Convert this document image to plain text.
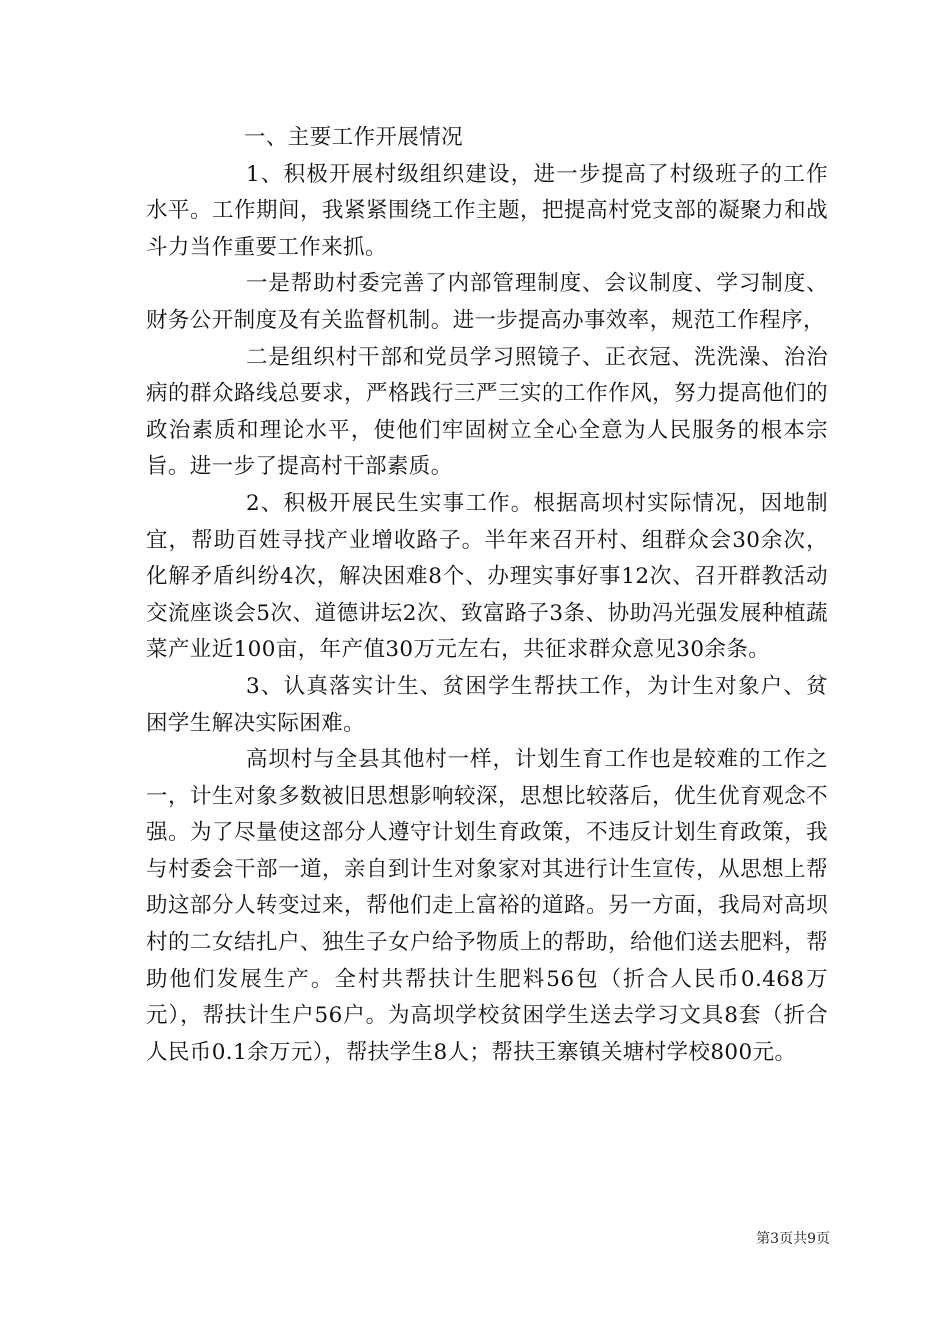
一、主要工作开展情况

1、积极开展村级组织建设，进一步提高了村级班子的工作水平。工作期间，我紧紧围绕工作主题，把提高村党支部的凝聚力和战斗力当作重要工作来抓。

一是帮助村委完善了内部管理制度、会议制度、学习制度、财务公开制度及有关监督机制。进一步提高办事效率，规范工作程序，

二是组织村干部和党员学习照镜子、正衣冠、洗洗澡、治治病的群众路线总要求，严格践行三严三实的工作作风，努力提高他们的政治素质和理论水平，使他们牢固树立全心全意为人民服务的根本宗旨。进一步了提高村干部素质。

2、积极开展民生实事工作。根据高坝村实际情况，因地制宜，帮助百姓寻找产业增收路子。半年来召开村、组群众会30余次，化解矛盾纠纷4次，解决困难8个、办理实事好事12次、召开群教活动交流座谈会5次、道德讲坛2次、致富路子3条、协助冯光强发展种植蔬菜产业近100亩，年产值30万元左右，共征求群众意见30余条。

3、认真落实计生、贫困学生帮扶工作，为计生对象户、贫困学生解决实际困难。

高坝村与全县其他村一样，计划生育工作也是较难的工作之一，计生对象多数被旧思想影响较深，思想比较落后，优生优育观念不强。为了尽量使这部分人遵守计划生育政策，不违反计划生育政策，我与村委会干部一道，亲自到计生对象家对其进行计生宣传，从思想上帮助这部分人转变过来，帮他们走上富裕的道路。另一方面，我局对高坝村的二女结扎户、独生子女户给予物质上的帮助，给他们送去肥料，帮助他们发展生产。全村共帮扶计生肥料56包（折合人民币0.468万元），帮扶计生户56户。为高坝学校贫困学生送去学习文具8套（折合人民币0.1余万元），帮扶学生8人；帮扶王寨镇关塘村学校800元。

第3页共9页
